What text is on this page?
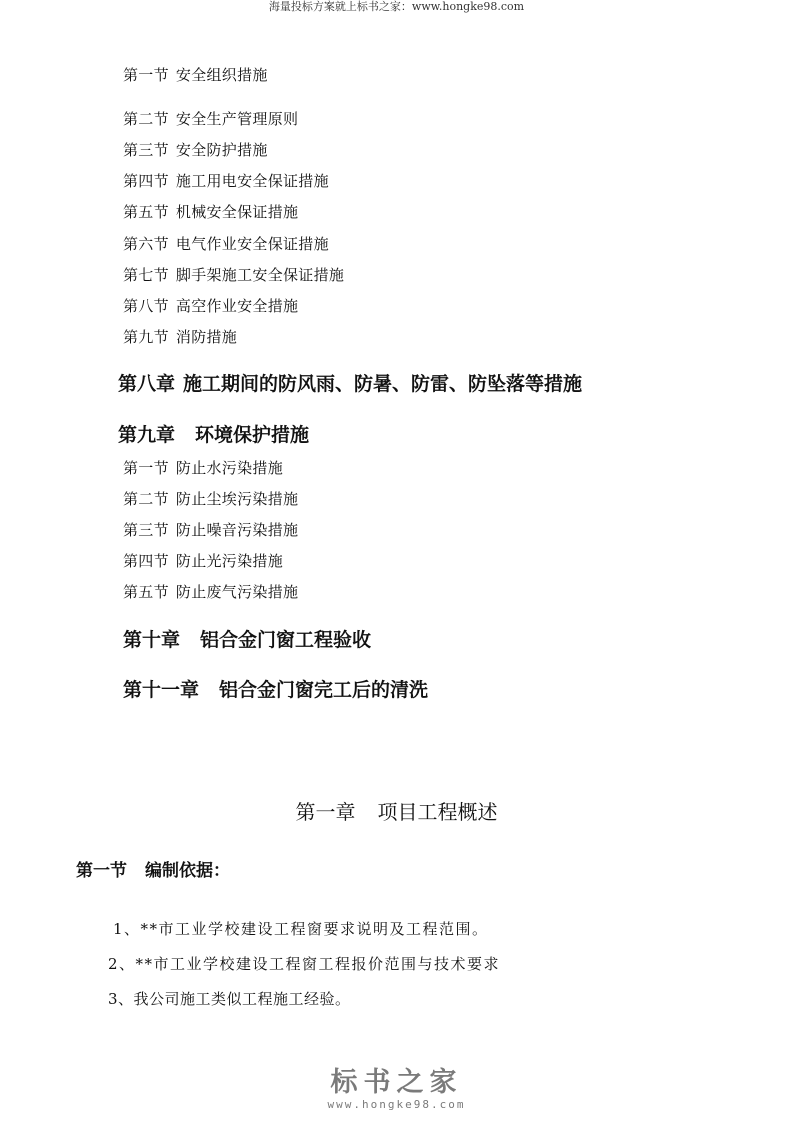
海量投标方案就上标书之家：www.hongke98.com
第一节 安全组织措施
第二节 安全生产管理原则
第三节 安全防护措施
第四节 施工用电安全保证措施
第五节 机械安全保证措施
第六节 电气作业安全保证措施
第七节 脚手架施工安全保证措施
第八节 高空作业安全措施
第九节 消防措施
第八章 施工期间的防风雨、防暑、防雷、防坠落等措施
第九章 环境保护措施
第一节 防止水污染措施
第二节 防止尘埃污染措施
第三节 防止噪音污染措施
第四节 防止光污染措施
第五节 防止废气污染措施
第十章 铝合金门窗工程验收
第十一章 铝合金门窗完工后的清洗
第一章 项目工程概述
第一节 编制依据：
1、**市工业学校建设工程窗要求说明及工程范围。
2、**市工业学校建设工程窗工程报价范围与技术要求
3、我公司施工类似工程施工经验。
标书之家
www.hongke98.com
